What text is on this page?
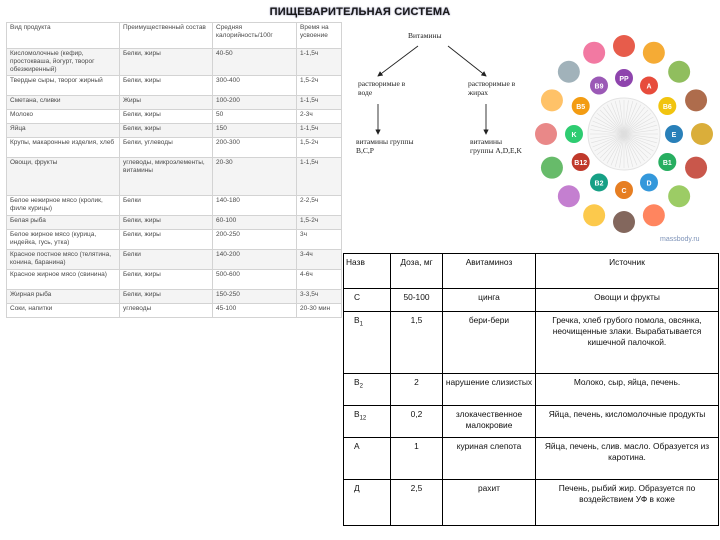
ПИЩЕВАРИТЕЛЬНАЯ СИСТЕМА
Вид продукта	Преимущественный состав	Средняя калорийность/100г	Время на усвоение
Кисломолочные (кефир, простокваша, йогурт, творог обезжиренный)	Белки, жиры	40-50	1-1,5ч
Твердые сыры, творог жирный	Белки, жиры	300-400	1,5-2ч
Сметана, сливки	Жиры	100-200	1-1,5ч
Молоко	Белки, жиры	50	2-3ч
Яйца	Белки, жиры	150	1-1,5ч
Крупы, макаронные изделия, хлеб	Белки, углеводы	200-300	1,5-2ч
Овощи, фрукты	углеводы, микроэлементы, витамины	20-30	1-1,5ч
Белое нежирное мясо (кролик, филе курицы)	Белки	140-180	2-2,5ч
Белая рыба	Белки, жиры	60-100	1,5-2ч
Белое жирное мясо (курица, индейка, гусь, утка)	Белки, жиры	200-250	3ч
Красное постное мясо (телятина, конина, баранина)	Белки	140-200	3-4ч
Красное жирное мясо (свинина)	Белки, жиры	500-600	4-6ч
Жирная рыба	Белки, жиры	150-250	3-3,5ч
Соки, напитки	углеводы	45-100	20-30 мин
Витамины
растворимые в воде
растворимые в жирах
витамины группы В,С,Р
витамины группы A,D,E,K
PP
A
B6
E
B1
D
C
B2
B12
K
B5
B9
massbody.ru
Назв	Доза, мг	Авитаминоз	Источник
С	50-100	цинга	Овощи и фрукты
$В_1$	1,5	бери-бери	Гречка, хлеб грубого помола, овсянка, неочищенные злаки. Вырабатывается кишечной палочкой.
$В_2$	2	нарушение слизистых	Молоко, сыр, яйца, печень.
$В_{12}$	0,2	злокачественное малокровие	Яйца, печень, кисломолочные продукты
А	1	куриная слепота	Яйца, печень, слив. масло. Образуется из каротина.
Д	2,5	рахит	Печень, рыбий жир. Образуется по воздействием УФ в коже
